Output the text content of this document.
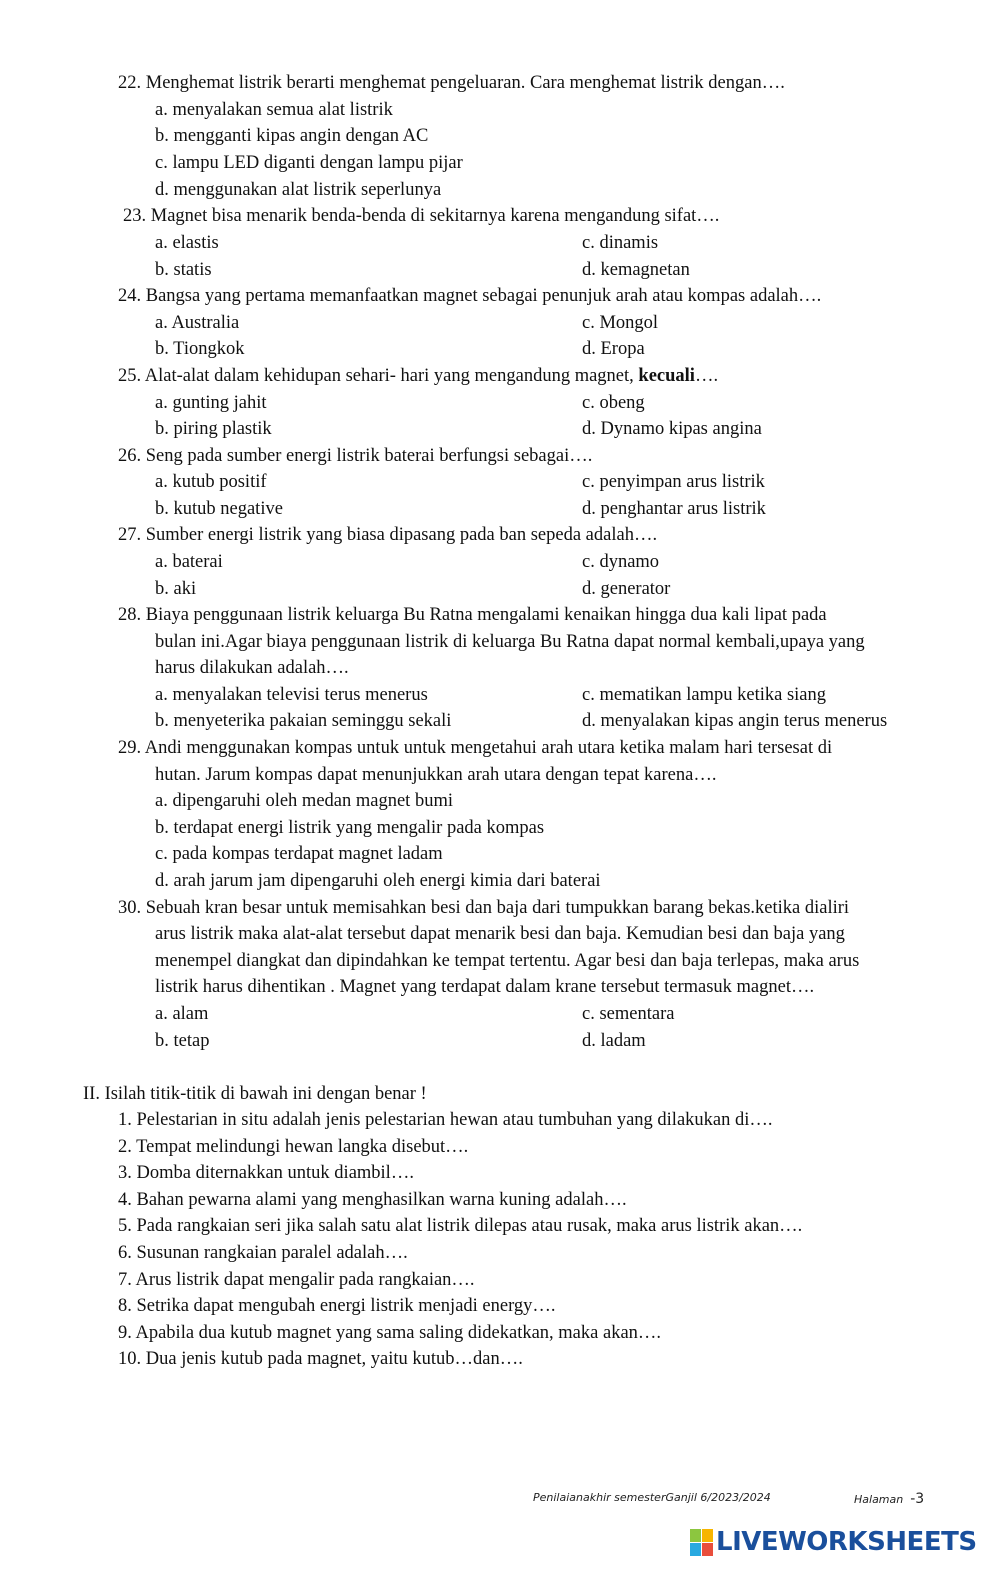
22. Menghemat listrik berarti menghemat pengeluaran. Cara menghemat listrik dengan….
a. menyalakan semua alat listrik
b. mengganti kipas angin dengan AC
c. lampu LED diganti dengan lampu pijar
d. menggunakan alat listrik seperlunya
23. Magnet bisa menarik benda-benda di sekitarnya karena mengandung sifat….
a. elastis	c. dinamis
b. statis	d. kemagnetan
24. Bangsa yang pertama memanfaatkan magnet sebagai penunjuk arah atau kompas adalah….
a. Australia	c. Mongol
b. Tiongkok	d. Eropa
25. Alat-alat dalam kehidupan sehari- hari yang mengandung magnet, kecuali….
a. gunting jahit	c. obeng
b. piring plastik	d. Dynamo kipas angina
26. Seng pada sumber energi listrik baterai berfungsi sebagai….
a. kutub positif	c. penyimpan arus listrik
b. kutub negative	d. penghantar arus listrik
27. Sumber energi listrik yang biasa dipasang pada ban sepeda adalah….
a. baterai	c. dynamo
b. aki	d. generator
28. Biaya penggunaan listrik keluarga Bu Ratna mengalami kenaikan hingga dua kali lipat pada
bulan ini.Agar biaya penggunaan listrik di keluarga Bu Ratna dapat normal kembali,upaya yang
harus dilakukan adalah….
a. menyalakan televisi terus menerus	c. mematikan lampu ketika siang
b. menyeterika pakaian seminggu sekali	d. menyalakan kipas angin terus menerus
29. Andi menggunakan kompas untuk untuk mengetahui arah utara ketika malam hari tersesat di
hutan. Jarum kompas dapat menunjukkan arah utara dengan tepat karena….
a. dipengaruhi oleh medan magnet bumi
b. terdapat energi listrik yang mengalir pada kompas
c. pada kompas terdapat magnet ladam
d. arah jarum jam dipengaruhi oleh energi kimia dari baterai
30. Sebuah kran besar untuk memisahkan besi dan baja dari tumpukkan barang bekas.ketika dialiri
arus listrik maka alat-alat tersebut dapat menarik besi dan baja. Kemudian besi dan baja yang
menempel diangkat dan dipindahkan ke tempat tertentu. Agar besi dan baja terlepas, maka arus
listrik harus dihentikan . Magnet yang terdapat dalam krane tersebut termasuk magnet….
a. alam	c. sementara
b. tetap	d. ladam
II. Isilah titik-titik di bawah ini dengan benar !
1. Pelestarian in situ adalah jenis pelestarian hewan atau tumbuhan yang dilakukan di….
2. Tempat melindungi hewan langka disebut….
3. Domba diternakkan untuk diambil….
4. Bahan pewarna alami yang menghasilkan warna kuning adalah….
5. Pada rangkaian seri jika salah satu alat listrik dilepas atau rusak, maka arus listrik akan….
6. Susunan rangkaian paralel adalah….
7. Arus listrik dapat mengalir pada rangkaian….
8. Setrika dapat mengubah energi listrik menjadi energy….
9. Apabila dua kutub magnet yang sama saling didekatkan, maka akan….
10. Dua jenis kutub pada magnet, yaitu kutub…dan….
Penilaianakhir semesterGanjil 6/2023/2024	Halaman -3
LIVEWORKSHEETS
